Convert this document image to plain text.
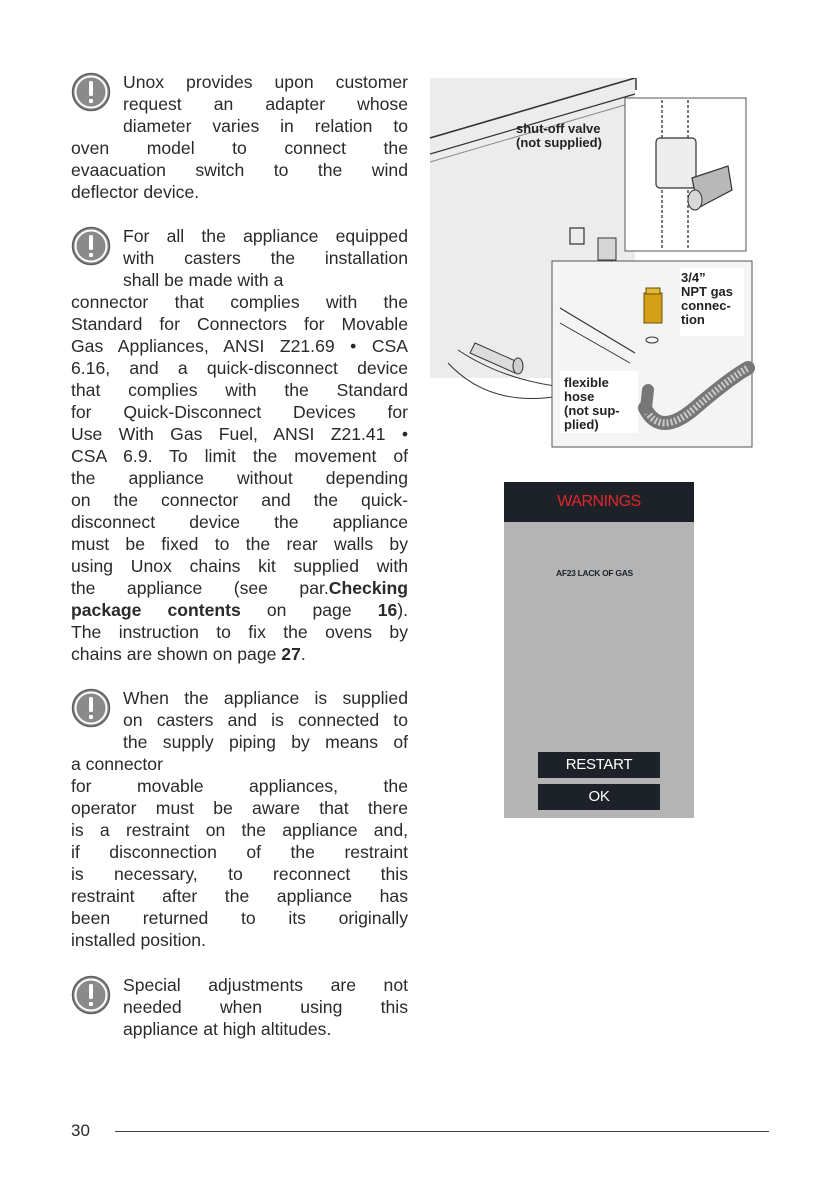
Unox provides upon customer
request an adapter whose
diameter varies in relation to
oven model to connect the
evaacuation switch to the wind
deflector device.
For all the appliance equipped
with casters the installation
shall be made with a
connector that complies with the
Standard for Connectors for Movable
Gas Appliances, ANSI Z21.69 • CSA
6.16, and a quick-disconnect device
that complies with the Standard
for Quick-Disconnect Devices for
Use With Gas Fuel, ANSI Z21.41 •
CSA 6.9. To limit the movement of
the appliance without depending
on the connector and the quick-
disconnect device the appliance
must be fixed to the rear walls by
using Unox chains kit supplied with
the appliance (see par.Checking
package contents on page 16).
The instruction to fix the ovens by
chains are shown on page 27.
When the appliance is supplied
on casters and is connected to
the supply piping by means of
a connector
for movable appliances, the
operator must be aware that there
is a restraint on the appliance and,
if disconnection of the restraint
is necessary, to reconnect this
restraint after the appliance has
been returned to its originally
installed position.
Special adjustments are not
needed when using this
appliance at high altitudes.
shut-off valve
(not supplied)
3/4”
NPT gas
connec-
tion
flexible
hose
(not sup-
plied)
WARNINGS
AF23 LACK OF GAS
RESTART
OK
30
